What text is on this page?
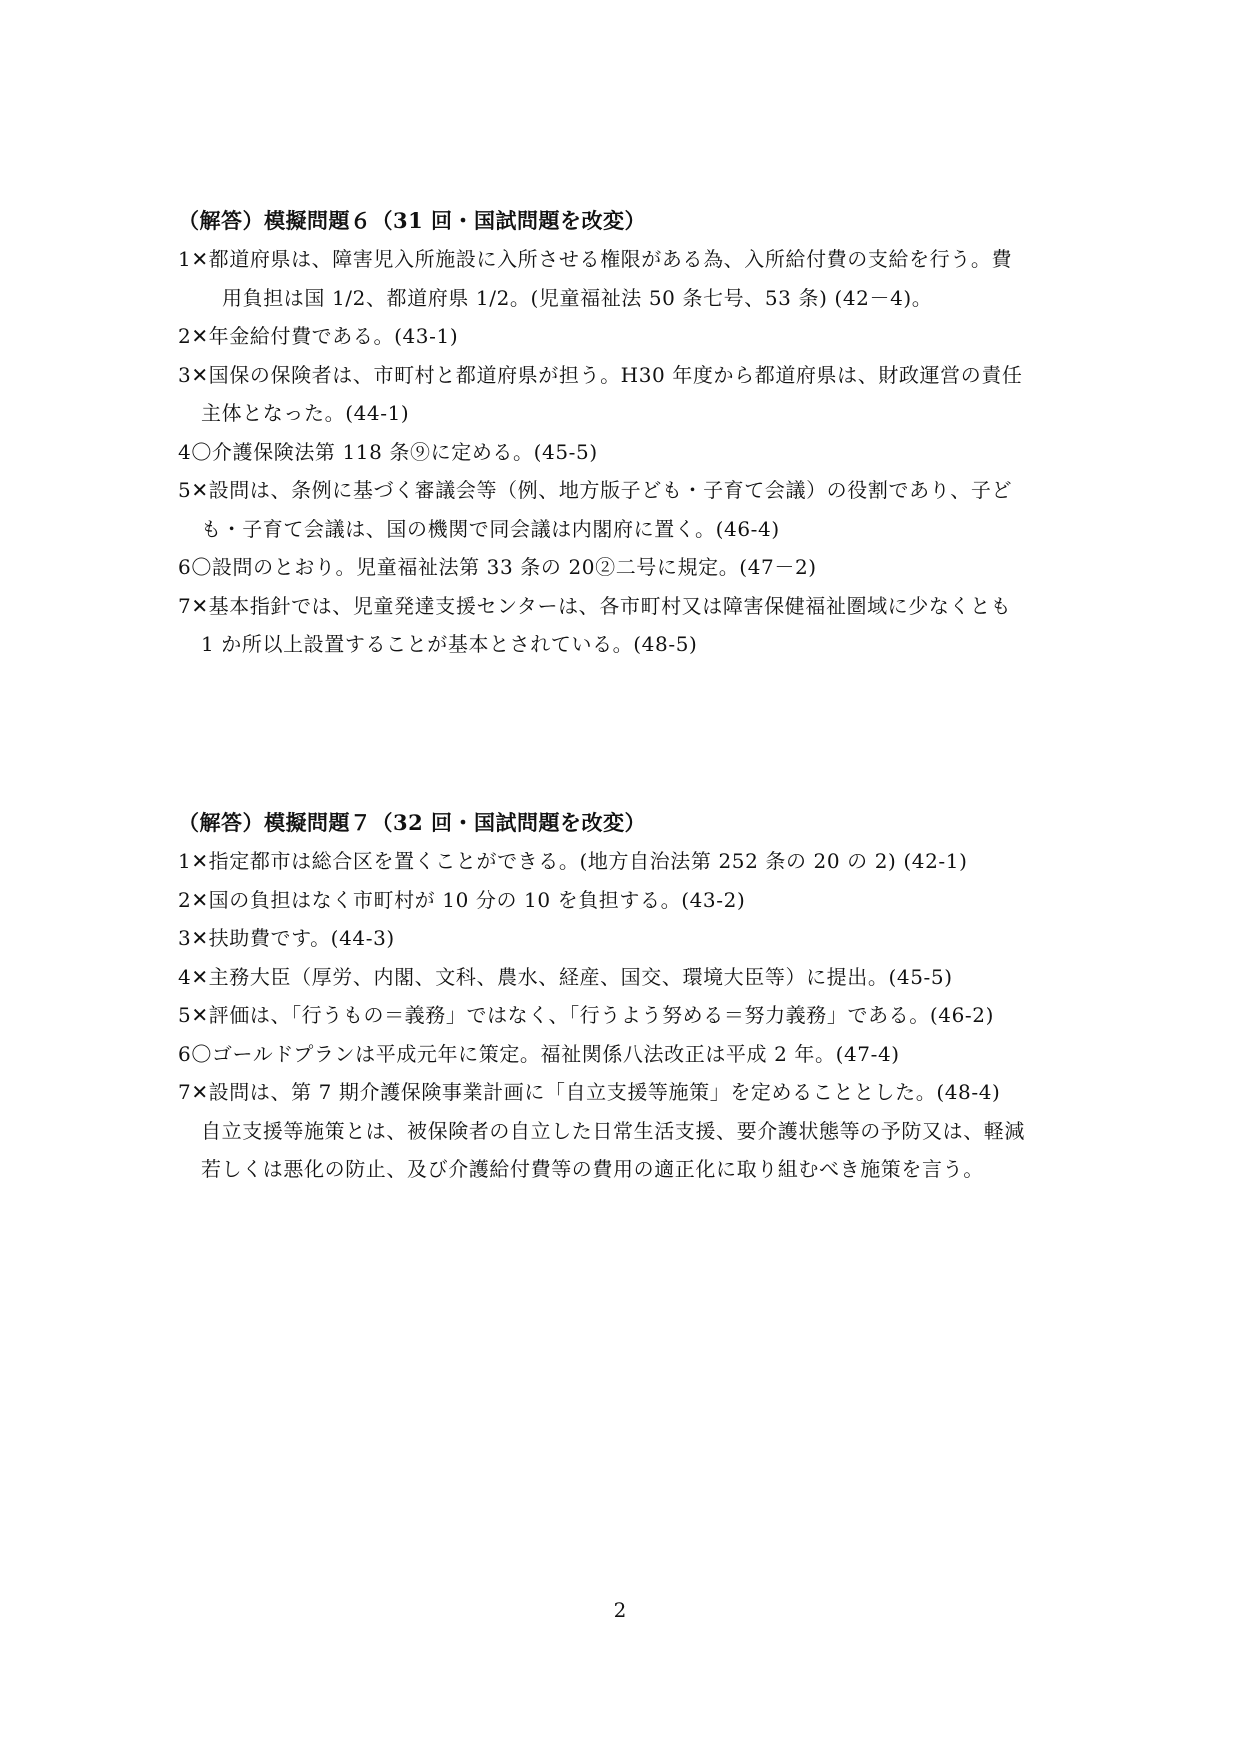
（解答）模擬問題６（31 回・国試問題を改変）
1✕都道府県は、障害児入所施設に入所させる権限がある為、入所給付費の支給を行う。費
用負担は国 1/2、都道府県 1/2。(児童福祉法 50 条七号、53 条) (42－4)。
2✕年金給付費である。(43-1)
3✕国保の保険者は、市町村と都道府県が担う。H30 年度から都道府県は、財政運営の責任
主体となった。(44-1)
4〇介護保険法第 118 条⑨に定める。(45-5)
5✕設問は、条例に基づく審議会等（例、地方版子ども・子育て会議）の役割であり、子ど
も・子育て会議は、国の機関で同会議は内閣府に置く。(46-4)
6〇設問のとおり。児童福祉法第 33 条の 20②二号に規定。(47－2)
7✕基本指針では、児童発達支援センターは、各市町村又は障害保健福祉圏域に少なくとも
1 か所以上設置することが基本とされている。(48-5)
（解答）模擬問題７（32 回・国試問題を改変）
1✕指定都市は総合区を置くことができる。(地方自治法第 252 条の 20 の 2) (42-1)
2✕国の負担はなく市町村が 10 分の 10 を負担する。(43-2)
3✕扶助費です。(44-3)
4✕主務大臣（厚労、内閣、文科、農水、経産、国交、環境大臣等）に提出。(45-5)
5✕評価は、「行うもの＝義務」ではなく、「行うよう努める＝努力義務」である。(46-2)
6〇ゴールドプランは平成元年に策定。福祉関係八法改正は平成 2 年。(47-4)
7✕設問は、第 7 期介護保険事業計画に「自立支援等施策」を定めることとした。(48-4)
自立支援等施策とは、被保険者の自立した日常生活支援、要介護状態等の予防又は、軽減
若しくは悪化の防止、及び介護給付費等の費用の適正化に取り組むべき施策を言う。
2
